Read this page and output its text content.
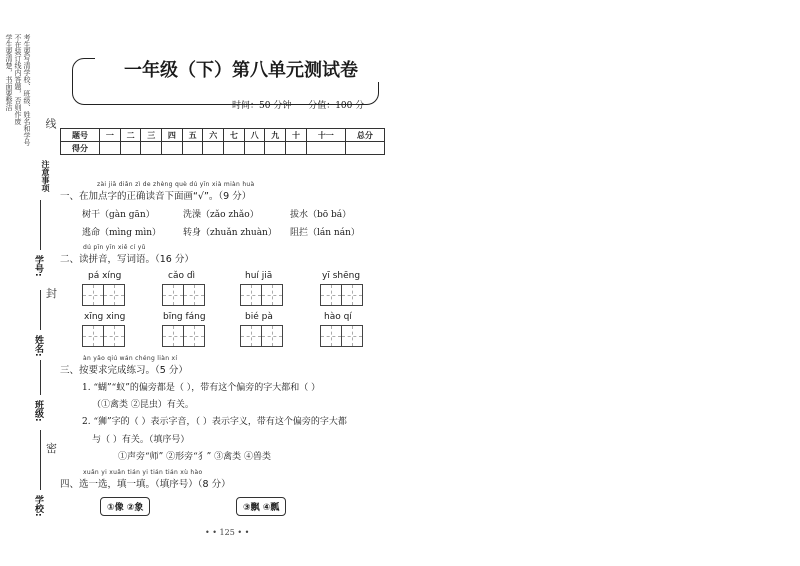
考生要写清学校、班级、姓名和学号
不在装订线内答题，否则作废
学生要清楚，书面要整洁
注意事项
线
学号:
姓名:
班级:
学校:
封
密
一年级（下）第八单元测试卷
时间：50 分钟 分值：100 分
题号	一	二	三	四	五	六	七	八	九	十	十一	总分
得分												
zài jiā diǎn zì de zhèng què dú yīn xià miàn huà
一、在加点字的正确读音下面画“√”。（9 分）
树干（gàn gān）	洗澡（zǎo zhǎo）	拔水（bō bá）
逃命（mìng mìn） 转身（zhuǎn zhuàn） 阻拦（lán nán）
dú pīn yīn xiě cí yǔ
二、读拼音，写词语。（16 分）
pá xíng	cǎo dì	huí jiā	yī shēng
xīng xing	bīng fáng	bié pà	hào qí
àn yāo qiú wán chéng liàn xí
三、按要求完成练习。（5 分）
1. “蝴”“蚁”的偏旁都是（ ），带有这个偏旁的字大都和（ ）
（①禽类 ②昆虫）有关。
2. “狮”字的（ ）表示字音，（ ）表示字义，带有这个偏旁的字大都
与（ ）有关。（填序号）
①声旁“师” ②形旁“犭” ③禽类 ④兽类
xuǎn yi xuǎn tián yi tián tián xù hào
四、选一选，填一填。（填序号）（8 分）
①像 ②象	③飘 ④瓢
• • 125 • •
